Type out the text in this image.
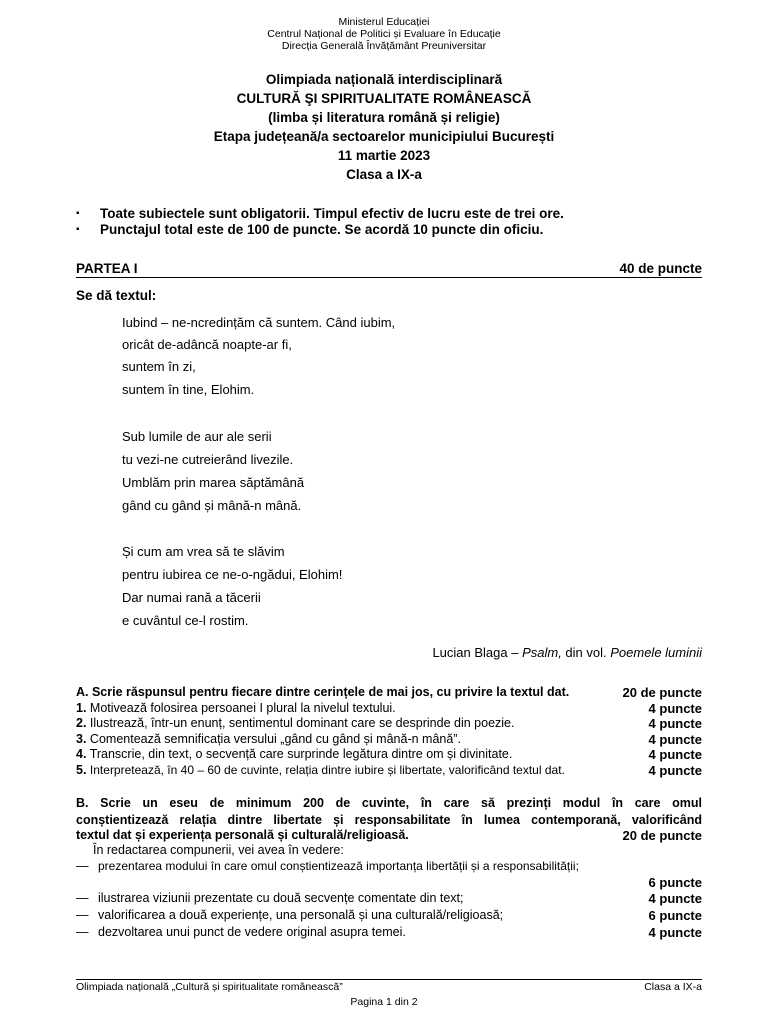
Ministerul Educației
Centrul Național de Politici și Evaluare în Educație
Direcția Generală Învățământ Preuniversitar
Olimpiada națională interdisciplinară
CULTURĂ ŞI SPIRITUALITATE ROMÂNEASCĂ
(limba și literatura română și religie)
Etapa județeană/a sectoarelor municipiului București
11 martie 2023
Clasa a IX-a
▪ Toate subiectele sunt obligatorii. Timpul efectiv de lucru este de trei ore.
▪ Punctajul total este de 100 de puncte. Se acordă 10 puncte din oficiu.
PARTEA I	40 de puncte
Se dă textul:
Iubind – ne-ncredințăm că suntem. Când iubim,
oricât de-adâncă noapte-ar fi,
suntem în zi,
suntem în tine, Elohim.
Sub lumile de aur ale serii
tu vezi-ne cutreierând livezile.
Umblăm prin marea săptămână
gând cu gând și mână-n mână.
Și cum am vrea să te slăvim
pentru iubirea ce ne-o-ngădui, Elohim!
Dar numai rană a tăcerii
e cuvântul ce-l rostim.
Lucian Blaga – Psalm, din vol. Poemele luminii
A. Scrie răspunsul pentru fiecare dintre cerințele de mai jos, cu privire la textul dat.	20 de puncte
1. Motivează folosirea persoanei I plural la nivelul textului.	4 puncte
2. Ilustrează, într-un enunț, sentimentul dominant care se desprinde din poezie.	4 puncte
3. Comentează semnificația versului „gând cu gând și mână-n mână”.	4 puncte
4. Transcrie, din text, o secvență care surprinde legătura dintre om și divinitate.	4 puncte
5. Interpretează, în 40 – 60 de cuvinte, relația dintre iubire și libertate, valorificând textul dat.	4 puncte
B. Scrie un eseu de minimum 200 de cuvinte, în care să prezinți modul în care omul
conștientizează relația dintre libertate și responsabilitate în lumea contemporană, valorificând
textul dat și experiența personală și culturală/religioasă.	20 de puncte
În redactarea compunerii, vei avea în vedere:
— prezentarea modului în care omul conștientizează importanța libertății și a responsabilității;
6 puncte
— ilustrarea viziunii prezentate cu două secvențe comentate din text;	4 puncte
— valorificarea a două experiențe, una personală și una culturală/religioasă;	6 puncte
— dezvoltarea unui punct de vedere original asupra temei.	4 puncte
Olimpiada națională „Cultură și spiritualitate românească”	Clasa a IX-a
Pagina 1 din 2
